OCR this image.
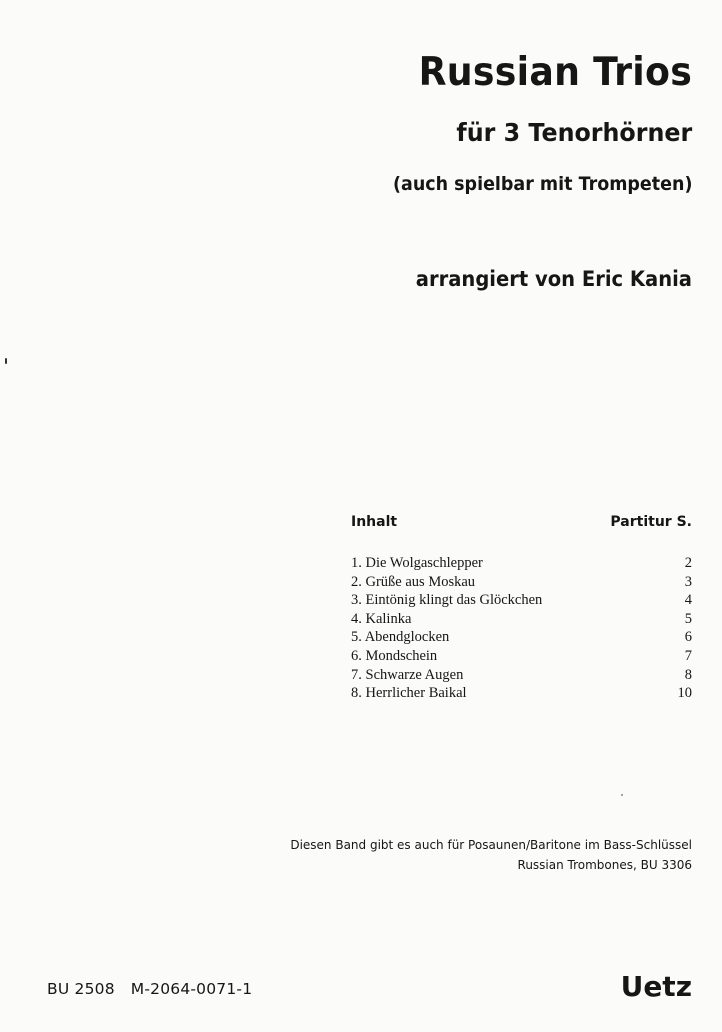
Russian Trios
für 3 Tenorhörner
(auch spielbar mit Trompeten)
arrangiert von Eric Kania
Inhalt	Partitur S.
1. Die Wolgaschlepper	2
2. Grüße aus Moskau	3
3. Eintönig klingt das Glöckchen	4
4. Kalinka	5
5. Abendglocken	6
6. Mondschein	7
7. Schwarze Augen	8
8. Herrlicher Baikal	10
Diesen Band gibt es auch für Posaunen/Baritone im Bass-Schlüssel
Russian Trombones, BU 3306
BU 2508 M-2064-0071-1	Uetz
